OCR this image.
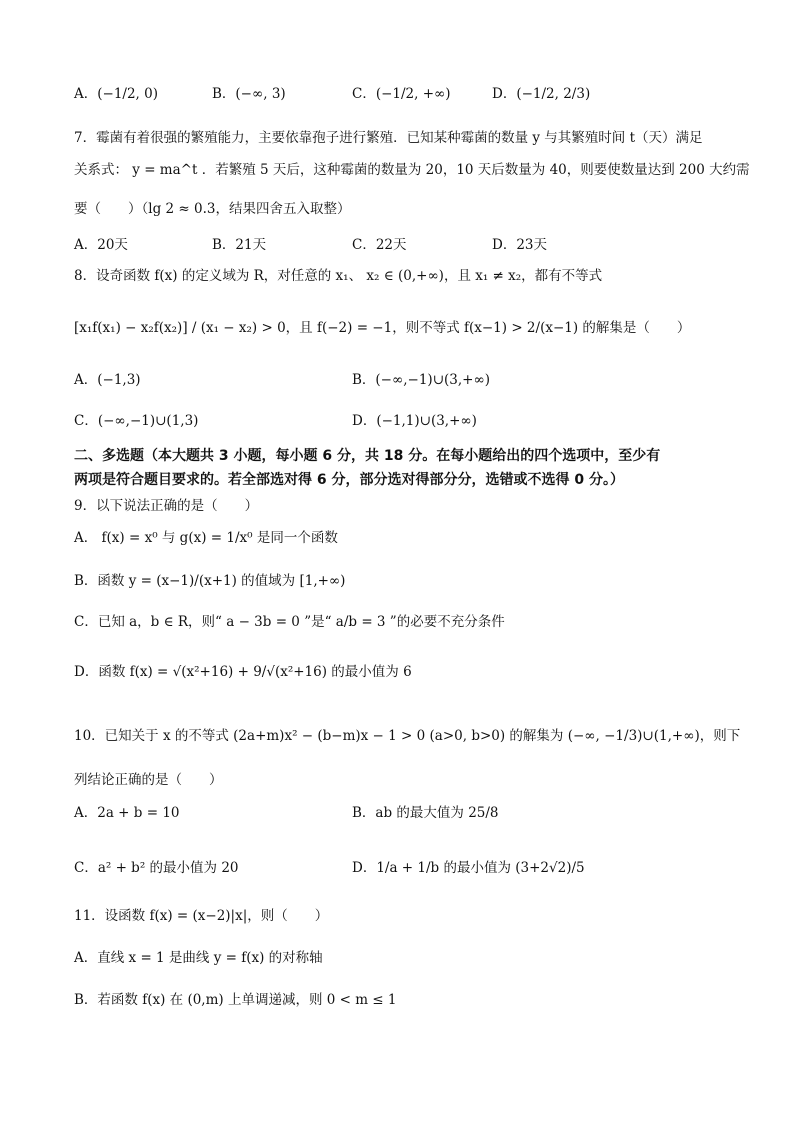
A．(−1/2, 0)	B．(−∞, 3)	C．(−1/2, +∞)	D．(−1/2, 2/3)
7．霉菌有着很强的繁殖能力，主要依靠孢子进行繁殖．已知某种霉菌的数量 y 与其繁殖时间 t（天）满足
关系式： y = ma^t ．若繁殖 5 天后，这种霉菌的数量为 20，10 天后数量为 40，则要使数量达到 200 大约需
要（　　）（lg 2 ≈ 0.3，结果四舍五入取整）
A．20天	B．21天	C．22天	D．23天
8．设奇函数 f(x) 的定义域为 R，对任意的 x₁、 x₂ ∈ (0,+∞)，且 x₁ ≠ x₂，都有不等式
[x₁f(x₁) − x₂f(x₂)] / (x₁ − x₂) > 0，且 f(−2) = −1，则不等式 f(x−1) > 2/(x−1) 的解集是（　　）
A．(−1,3)	B．(−∞,−1)∪(3,+∞)
C．(−∞,−1)∪(1,3)	D．(−1,1)∪(3,+∞)
二、多选题（本大题共 3 小题，每小题 6 分，共 18 分。在每小题给出的四个选项中，至少有
两项是符合题目要求的。若全部选对得 6 分，部分选对得部分分，选错或不选得 0 分。）
9．以下说法正确的是（　　）
A． f(x) = x⁰ 与 g(x) = 1/x⁰ 是同一个函数
B．函数 y = (x−1)/(x+1) 的值域为 [1,+∞)
C．已知 a，b ∈ R，则“ a − 3b = 0 ”是“ a/b = 3 ”的必要不充分条件
D．函数 f(x) = √(x²+16) + 9/√(x²+16) 的最小值为 6
10．已知关于 x 的不等式 (2a+m)x² − (b−m)x − 1 > 0 (a>0, b>0) 的解集为 (−∞, −1/3)∪(1,+∞)，则下
列结论正确的是（　　）
A．2a + b = 10	B．ab 的最大值为 25/8
C．a² + b² 的最小值为 20	D．1/a + 1/b 的最小值为 (3+2√2)/5
11．设函数 f(x) = (x−2)|x|，则（　　）
A．直线 x = 1 是曲线 y = f(x) 的对称轴
B．若函数 f(x) 在 (0,m) 上单调递减，则 0 < m ≤ 1
